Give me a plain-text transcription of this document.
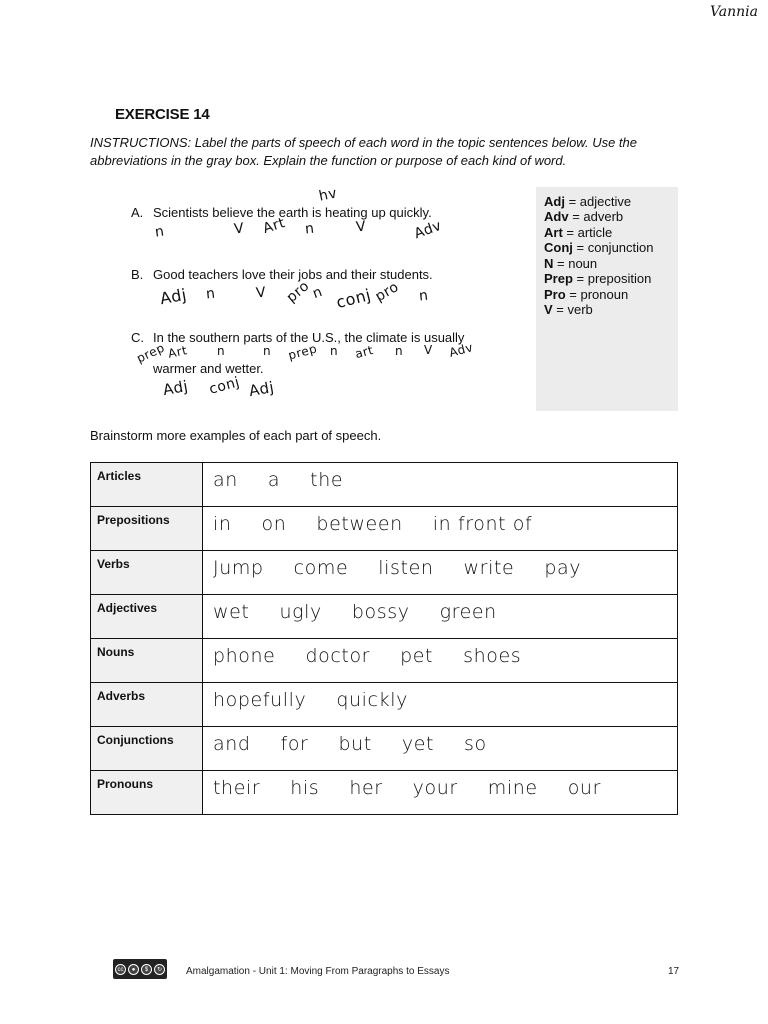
Vannia
EXERCISE 14
INSTRUCTIONS: Label the parts of speech of each word in the topic sentences below. Use the abbreviations in the gray box. Explain the function or purpose of each kind of word.
A. Scientists believe the earth is heating up quickly.
n	V Art n
hv
V	Adv
B. Good teachers love their jobs and their students.
Adj n	V pro
n conj pro n
C. In the southern parts of the U.S., the climate is usually
warmer and wetter.
prep Art n	n prep n art n V Adv
Adj conj Adj
Adj = adjective
Adv = adverb
Art = article
Conj = conjunction
N = noun
Prep = preposition
Pro = pronoun
V = verb
Brainstorm more examples of each part of speech.
Articles	an a the
Prepositions	in on between in front of
Verbs	Jump come listen write pay
Adjectives	wet ugly bossy green
Nouns	phone doctor pet shoes
Adverbs	hopefully quickly
Conjunctions	and for but yet so
Pronouns	their his her your mine our
cc	●	$	↻ Amalgamation - Unit 1: Moving From Paragraphs to Essays	17
